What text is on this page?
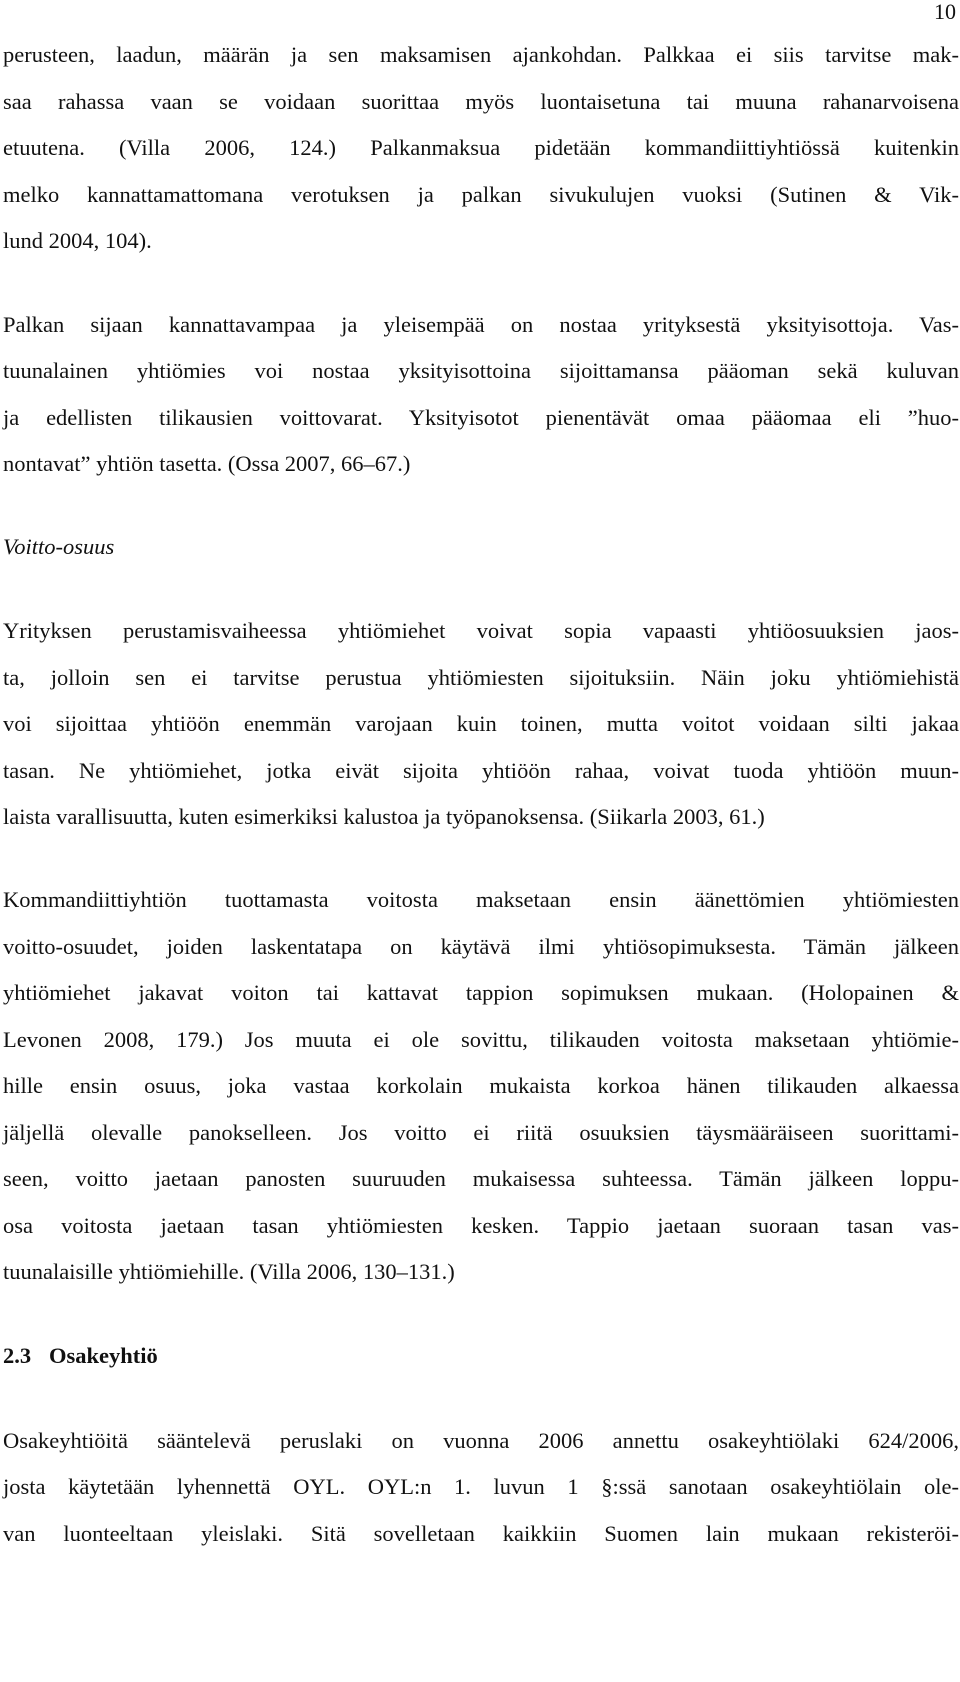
10
perusteen, laadun, määrän ja sen maksamisen ajankohdan. Palkkaa ei siis tarvitse mak-
saa rahassa vaan se voidaan suorittaa myös luontaisetuna tai muuna rahanarvoisena
etuutena. (Villa 2006, 124.) Palkanmaksua pidetään kommandiittiyhtiössä kuitenkin
melko kannattamattomana verotuksen ja palkan sivukulujen vuoksi (Sutinen & Vik-
lund 2004, 104).
Palkan sijaan kannattavampaa ja yleisempää on nostaa yrityksestä yksityisottoja. Vas-
tuunalainen yhtiömies voi nostaa yksityisottoina sijoittamansa pääoman sekä kuluvan
ja edellisten tilikausien voittovarat. Yksityisotot pienentävät omaa pääomaa eli ”huo-
nontavat” yhtiön tasetta. (Ossa 2007, 66–67.)
Voitto-osuus
Yrityksen perustamisvaiheessa yhtiömiehet voivat sopia vapaasti yhtiöosuuksien jaos-
ta, jolloin sen ei tarvitse perustua yhtiömiesten sijoituksiin. Näin joku yhtiömiehistä
voi sijoittaa yhtiöön enemmän varojaan kuin toinen, mutta voitot voidaan silti jakaa
tasan. Ne yhtiömiehet, jotka eivät sijoita yhtiöön rahaa, voivat tuoda yhtiöön muun-
laista varallisuutta, kuten esimerkiksi kalustoa ja työpanoksensa. (Siikarla 2003, 61.)
Kommandiittiyhtiön tuottamasta voitosta maksetaan ensin äänettömien yhtiömiesten
voitto-osuudet, joiden laskentatapa on käytävä ilmi yhtiösopimuksesta. Tämän jälkeen
yhtiömiehet jakavat voiton tai kattavat tappion sopimuksen mukaan. (Holopainen &
Levonen 2008, 179.) Jos muuta ei ole sovittu, tilikauden voitosta maksetaan yhtiömie-
hille ensin osuus, joka vastaa korkolain mukaista korkoa hänen tilikauden alkaessa
jäljellä olevalle panokselleen. Jos voitto ei riitä osuuksien täysmääräiseen suorittami-
seen, voitto jaetaan panosten suuruuden mukaisessa suhteessa. Tämän jälkeen loppu-
osa voitosta jaetaan tasan yhtiömiesten kesken. Tappio jaetaan suoraan tasan vas-
tuunalaisille yhtiömiehille. (Villa 2006, 130–131.)
2.3 Osakeyhtiö
Osakeyhtiöitä sääntelevä peruslaki on vuonna 2006 annettu osakeyhtiölaki 624/2006,
josta käytetään lyhennettä OYL. OYL:n 1. luvun 1 §:ssä sanotaan osakeyhtiölain ole-
van luonteeltaan yleislaki. Sitä sovelletaan kaikkiin Suomen lain mukaan rekisteröi-
